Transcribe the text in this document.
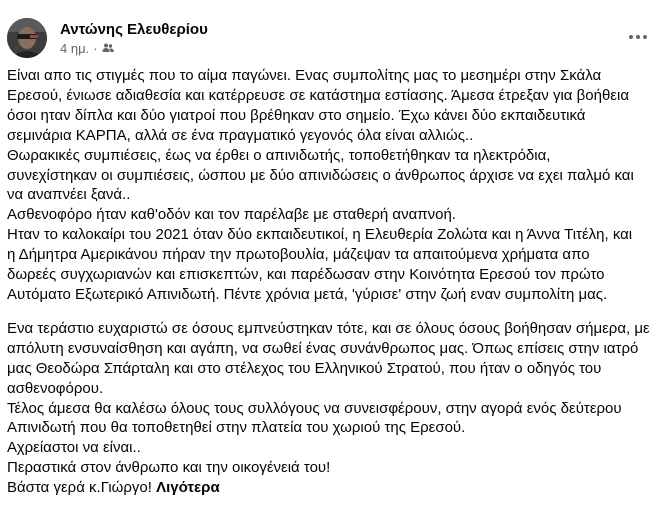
Αντώνης Ελευθερίου
4 ημ. ·
Είναι απο τις στιγμές που το αίμα παγώνει. Ενας συμπολίτης μας το μεσημέρι στην Σκάλα
Ερεσού, ένιωσε αδιαθεσία και κατέρρευσε σε κατάστημα εστίασης. Άμεσα έτρεξαν για βοήθεια
όσοι ηταν δίπλα και δύο γιατροί που βρέθηκαν στο σημείο. Έχω κάνει δύο εκπαιδευτικά
σεμινάρια ΚΑΡΠΑ, αλλά σε ένα πραγματικό γεγονός όλα είναι αλλιώς..
Θωρακικές συμπιέσεις, έως να έρθει ο απινιδωτής, τοποθετήθηκαν τα ηλεκτρόδια,
συνεχίστηκαν οι συμπιέσεις, ώσπου με δύο απινιδώσεις ο άνθρωπος άρχισε να εχει παλμό και
να αναπνέει ξανά..
Ασθενοφόρο ήταν καθ'οδόν και τον παρέλαβε με σταθερή αναπνοή.
Ηταν το καλοκαίρι του 2021 όταν δύο εκπαιδευτικοί, η Ελευθερία Ζολώτα και η Άννα Τιτέλη, και
η Δήμητρα Αμερικάνου πήραν την πρωτοβουλία, μάζεψαν τα απαιτούμενα χρήματα απο
δωρεές συγχωριανών και επισκεπτών, και παρέδωσαν στην Κοινότητα Ερεσού τον πρώτο
Αυτόματο Εξωτερικό Απινιδωτή. Πέντε χρόνια μετά, 'γύρισε' στην ζωή εναν συμπολίτη μας.
Ενα τεράστιο ευχαριστώ σε όσους εμπνεύστηκαν τότε, και σε όλους όσους βοήθησαν σήμερα, με
απόλυτη ενσυναίσθηση και αγάπη, να σωθεί ένας συνάνθρωπος μας. Όπως επίσεις στην ιατρό
μας Θεοδώρα Σπάρταλη και στο στέλεχος του Ελληνικού Στρατού, που ήταν ο οδηγός του
ασθενοφόρου.
Τέλος άμεσα θα καλέσω όλους τους συλλόγους να συνεισφέρουν, στην αγορά ενός δεύτερου
Απινιδωτή που θα τοποθετηθεί στην πλατεία του χωριού της Ερεσού.
Αχρείαστοι να είναι..
Περαστικά στον άνθρωπο και την οικογένειά του!
Βάστα γερά κ.Γιώργο! Λιγότερα
